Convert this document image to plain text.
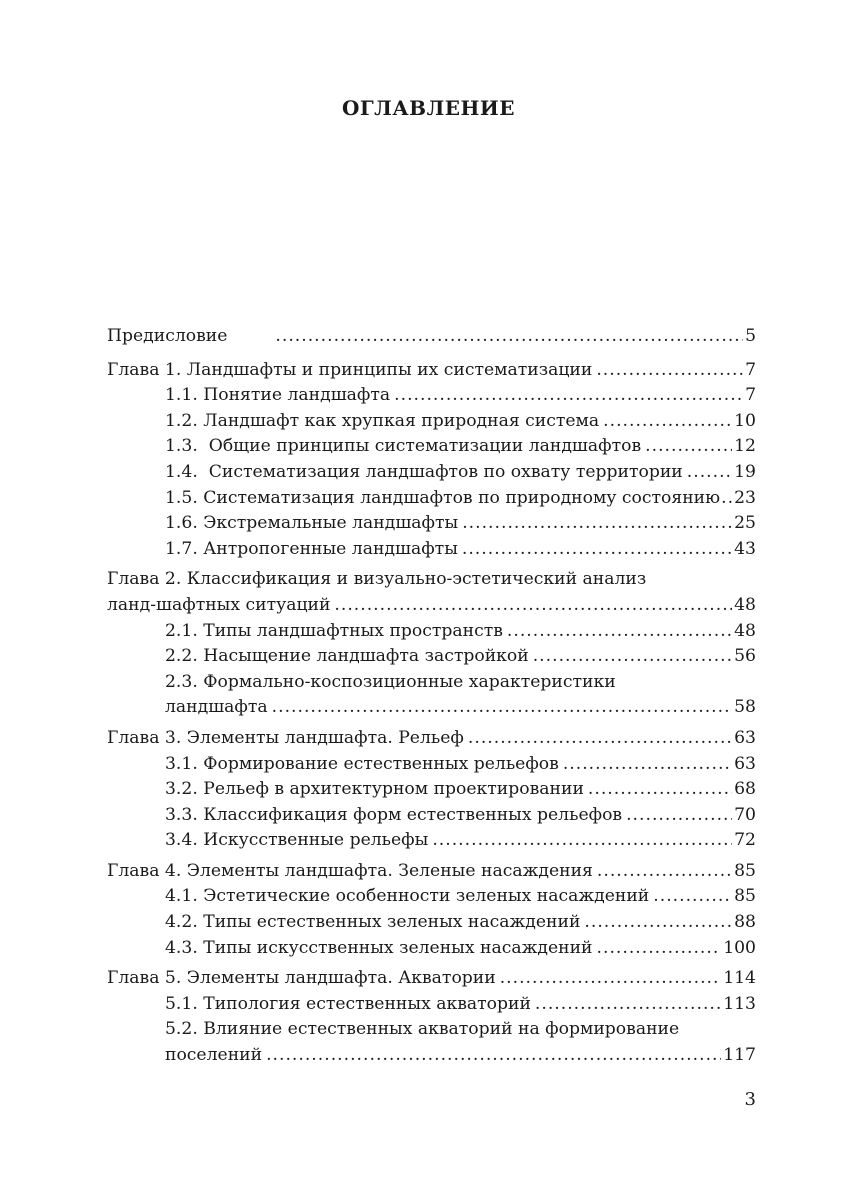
ОГЛАВЛЕНИЕ
Предисловие .....	5
Глава 1. Ландшафты и принципы их систематизации .....	7
1.1. Понятие ландшафта .....	7
1.2. Ландшафт как хрупкая природная система .....	10
1.3.  Общие принципы систематизации ландшафтов .....	12
1.4.  Систематизация ландшафтов по охвату территории .....	19
1.5. Систематизация ландшафтов по природному состоянию ..... 23
1.6. Экстремальные ландшафты .....	25
1.7. Антропогенные ландшафты .....	43
Глава 2. Классификация и визуально-эстетический анализ
ланд-шафтных ситуаций .....	48
2.1. Типы ландшафтных пространств .....	48
2.2. Насыщение ландшафта застройкой .....	56
2.3. Формально-коспозиционные характеристики
ландшафта .....	58
Глава 3. Элементы ландшафта. Рельеф .....	63
3.1. Формирование естественных рельефов .....	63
3.2. Рельеф в архитектурном проектировании .....	68
3.3. Классификация форм естественных рельефов .....	70
3.4. Искусственные рельефы .....	72
Глава 4. Элементы ландшафта. Зеленые насаждения .....	85
4.1. Эстетические особенности зеленых насаждений .....	85
4.2. Типы естественных зеленых насаждений .....	88
4.3. Типы искусственных зеленых насаждений .....	100
Глава 5. Элементы ландшафта. Акватории .....	114
5.1. Типология естественных акваторий .....	113
5.2. Влияние естественных акваторий на формирование
поселений .....	117
3
